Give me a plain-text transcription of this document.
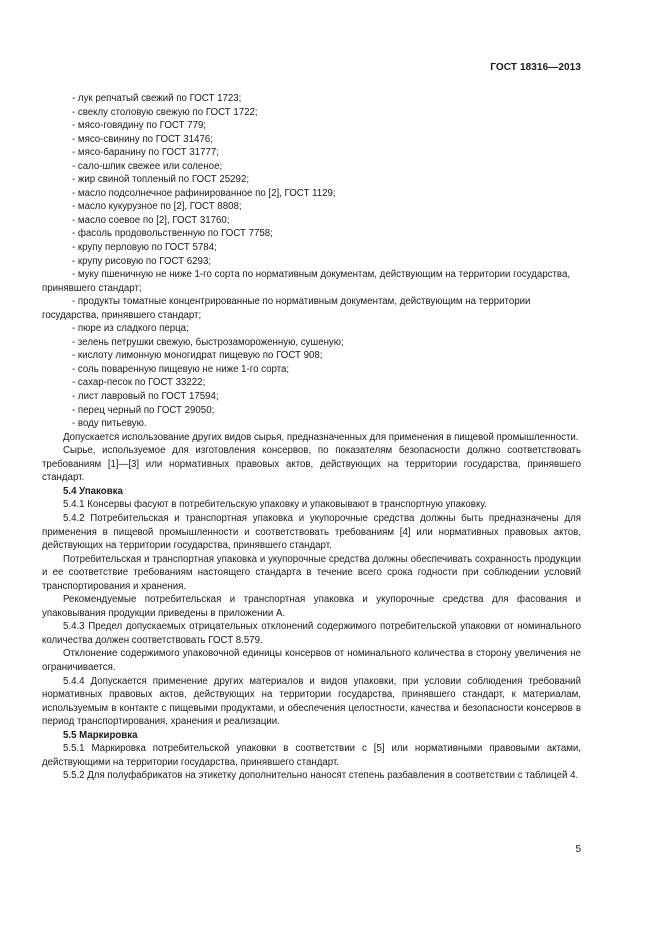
ГОСТ 18316—2013

- лук репчатый свежий по ГОСТ 1723;

- свеклу столовую свежую по ГОСТ 1722;

- мясо-говядину по ГОСТ 779;

- мясо-свинину по ГОСТ 31476;

- мясо-баранину по ГОСТ 31777;

- сало-шпик свежее или соленое;

- жир свиной топленый по ГОСТ 25292;

- масло подсолнечное рафинированное по [2], ГОСТ 1129;

- масло кукурузное по [2], ГОСТ 8808;

- масло соевое по [2], ГОСТ 31760;

- фасоль продовольственную по ГОСТ 7758;

- крупу перловую по ГОСТ 5784;

- крупу рисовую по ГОСТ 6293;

- муку пшеничную не ниже 1-го сорта по нормативным документам, действующим на территории государства, принявшего стандарт;

- продукты томатные концентрированные по нормативным документам, действующим на территории государства, принявшего стандарт;

- пюре из сладкого перца;

- зелень петрушки свежую, быстрозамороженную, сушеную;

- кислоту лимонную моногидрат пищевую по ГОСТ 908;

- соль поваренную пищевую не ниже 1-го сорта;

- сахар-песок по ГОСТ 33222;

- лист лавровый по ГОСТ 17594;

- перец черный по ГОСТ 29050;

- воду питьевую.

Допускается использование других видов сырья, предназначенных для применения в пищевой промышленности.

Сырье, используемое для изготовления консервов, по показателям безопасности должно соответствовать требованиям [1]—[3] или нормативных правовых актов, действующих на территории государства, принявшего стандарт.

5.4 Упаковка

5.4.1 Консервы фасуют в потребительскую упаковку и упаковывают в транспортную упаковку.

5.4.2 Потребительская и транспортная упаковка и укупорочные средства должны быть предназначены для применения в пищевой промышленности и соответствовать требованиям [4] или нормативных правовых актов, действующих на территории государства, принявшего стандарт.

Потребительская и транспортная упаковка и укупорочные средства должны обеспечивать сохранность продукции и ее соответствие требованиям настоящего стандарта в течение всего срока годности при соблюдении условий транспортирования и хранения.

Рекомендуемые потребительская и транспортная упаковка и укупорочные средства для фасования и упаковывания продукции приведены в приложении А.

5.4.3 Предел допускаемых отрицательных отклонений содержимого потребительской упаковки от номинального количества должен соответствовать ГОСТ 8.579.

Отклонение содержимого упаковочной единицы консервов от номинального количества в сторону увеличения не ограничивается.

5.4.4 Допускается применение других материалов и видов упаковки, при условии соблюдения требований нормативных правовых актов, действующих на территории государства, принявшего стандарт, к материалам, используемым в контакте с пищевыми продуктами, и обеспечения целостности, качества и безопасности консервов в период транспортирования, хранения и реализации.

5.5 Маркировка

5.5.1 Маркировка потребительской упаковки в соответствии с [5] или нормативными правовыми актами, действующими на территории государства, принявшего стандарт.

5.5.2 Для полуфабрикатов на этикетку дополнительно наносят степень разбавления в соответствии с таблицей 4.

5
